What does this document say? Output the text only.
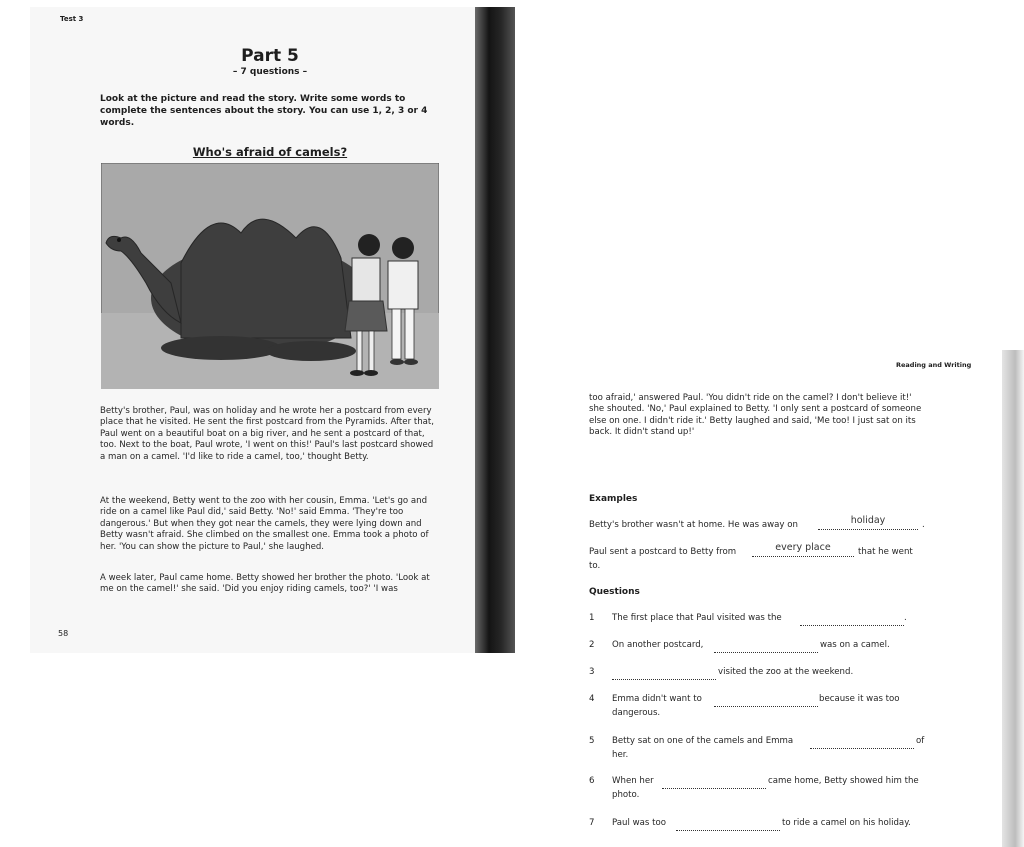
Test 3
Part 5
– 7 questions –
Look at the picture and read the story. Write some words to complete the sentences about the story. You can use 1, 2, 3 or 4 words.
Who's afraid of camels?
Betty's brother, Paul, was on holiday and he wrote her a postcard from every place that he visited. He sent the first postcard from the Pyramids. After that, Paul went on a beautiful boat on a big river, and he sent a postcard of that, too. Next to the boat, Paul wrote, 'I went on this!' Paul's last postcard showed a man on a camel. 'I'd like to ride a camel, too,' thought Betty.
At the weekend, Betty went to the zoo with her cousin, Emma. 'Let's go and ride on a camel like Paul did,' said Betty. 'No!' said Emma. 'They're too dangerous.' But when they got near the camels, they were lying down and Betty wasn't afraid. She climbed on the smallest one. Emma took a photo of her. 'You can show the picture to Paul,' she laughed.
A week later, Paul came home. Betty showed her brother the photo. 'Look at me on the camel!' she said. 'Did you enjoy riding camels, too?' 'I was
58
Reading and Writing
too afraid,' answered Paul. 'You didn't ride on the camel? I don't believe it!' she shouted. 'No,' Paul explained to Betty. 'I only sent a postcard of someone else on one. I didn't ride it.' Betty laughed and said, 'Me too! I just sat on its back. It didn't stand up!'
Examples
Betty's brother wasn't at home. He was away on	holiday	.
Paul sent a postcard to Betty from	every place	that he went
to.
Questions
1 The first place that Paul visited was the	.
2 On another postcard,	was on a camel.
3	visited the zoo at the weekend.
4 Emma didn't want to	because it was too
dangerous.
5 Betty sat on one of the camels and Emma	of
her.
6 When her	came home, Betty showed him the
photo.
7 Paul was too	to ride a camel on his holiday.
